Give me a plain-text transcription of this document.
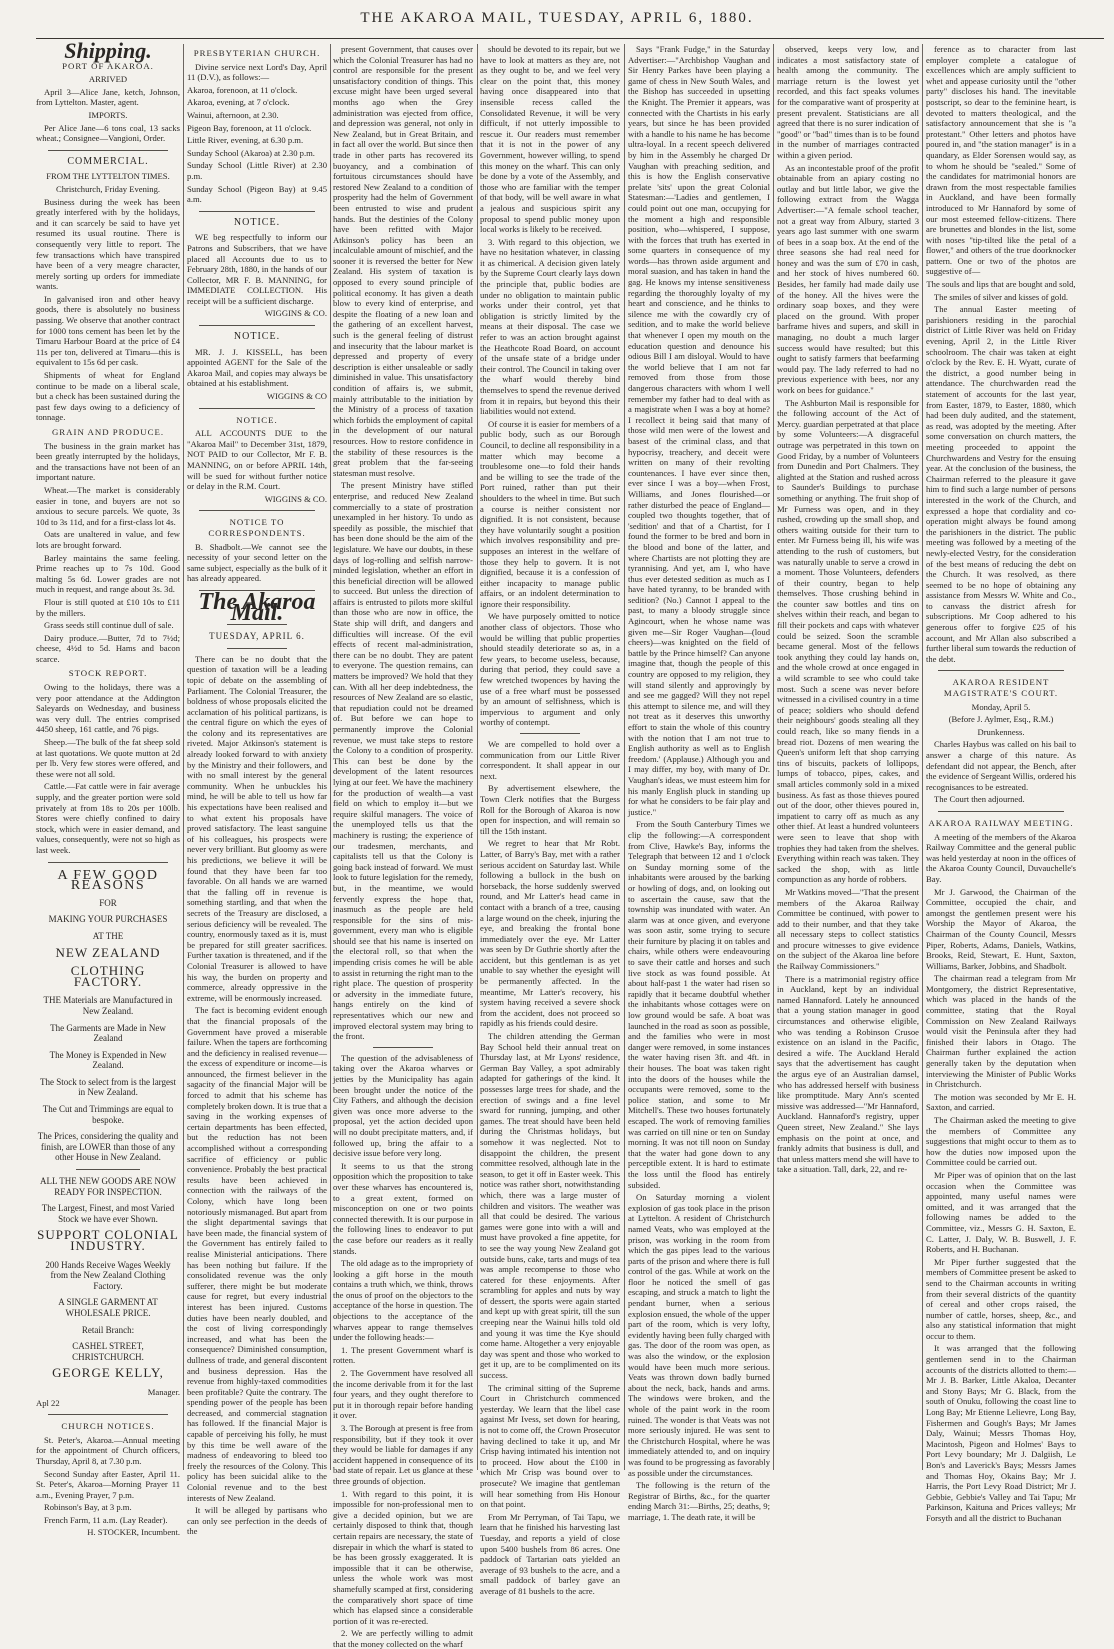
THE AKAROA MAIL, TUESDAY, APRIL 6, 1880.
Shipping.
PORT OF AKAROA.
ARRIVED

April 3—Alice Jane, ketch, Johnson, from Lyttelton. Master, agent.

IMPORTS.

Per Alice Jane—6 tons coal, 13 sacks wheat.; Consignee—Vangioni, Order.

COMMERCIAL.
FROM THE LYTTELTON TIMES.

Christchurch, Friday Evening.

Business during the week has been greatly interfered with by the holidays, and it can scarcely be said to have yet resumed its usual routine. There is consequently very little to report. The few transactions which have transpired have been of a very meagre character, merely sorting up orders for immediate wants.

In galvanised iron and other heavy goods, there is absolutely no business passing. We observe that another contract for 1000 tons cement has been let by the Timaru Harbour Board at the price of £4 11s per ton, delivered at Timaru—this is equivalent to 15s 6d per cask.

Shipments of wheat for England continue to be made on a liberal scale, but a check has been sustained during the past few days owing to a deficiency of tonnage.

GRAIN AND PRODUCE.

The business in the grain market has been greatly interrupted by the holidays, and the transactions have not been of an important nature.

Wheat.—The market is considerably easier in tone, and buyers are not so anxious to secure parcels. We quote, 3s 10d to 3s 11d, and for a first-class lot 4s.

Oats are unaltered in value, and few lots are brought forward.

Barley maintains the same feeling. Prime reaches up to 7s 10d. Good malting 5s 6d. Lower grades are not much in request, and range about 3s. 3d.

Flour is still quoted at £10 10s to £11 by the millers.

Grass seeds still continue dull of sale.

Dairy produce.—Butter, 7d to 7½d; cheese, 4½d to 5d. Hams and bacon scarce.

STOCK REPORT.

Owing to the holidays, there was a very poor attendance at the Addington Saleyards on Wednesday, and business was very dull. The entries comprised 4450 sheep, 161 cattle, and 76 pigs.

Sheep.—The bulk of the fat sheep sold at last quotations. We quote mutton at 2d per lb. Very few stores were offered, and these were not all sold.

Cattle.—Fat cattle were in fair average supply, and the greater portion were sold privately at from 18s to 20s per 100lb. Stores were chiefly confined to dairy stock, which were in easier demand, and values, consequently, were not so high as last week.

A FEW GOOD REASONS
FOR
MAKING YOUR PURCHASES
AT THE
NEW ZEALAND
CLOTHING FACTORY.
THE Materials are Manufactured in New Zealand.
The Garments are Made in New Zealand
The Money is Expended in New Zealand.
The Stock to select from is the largest in New Zealand.
The Cut and Trimmings are equal to bespoke.
The Prices, considering the quality and finish, are LOWER than those of any other House in New Zealand.
ALL THE NEW GOODS ARE NOW READY FOR INSPECTION.
The Largest, Finest, and most Varied Stock we have ever Shown.
SUPPORT COLONIAL INDUSTRY.
200 Hands Receive Wages Weekly from the New Zealand Clothing Factory.
A SINGLE GARMENT AT WHOLESALE PRICE.
Retail Branch:
CASHEL STREET, CHRISTCHURCH.
GEORGE KELLY,
Manager.
Apl 22
CHURCH NOTICES.

St. Peter's, Akaroa.—Annual meeting for the appointment of Church officers, Thursday, April 8, at 7.30 p.m.

Second Sunday after Easter, April 11. St. Peter's, Akaroa—Morning Prayer 11 a.m., Evening Prayer, 7 p.m.

Robinson's Bay, at 3 p.m.

French Farm, 11 a.m. (Lay Reader).

H. STOCKER, Incumbent.

PRESBYTERIAN CHURCH.

Divine service next Lord's Day, April 11 (D.V.), as follows:—

Akaroa, forenoon, at 11 o'clock.

Akaroa, evening, at 7 o'clock.

Wainui, afternoon, at 2.30.

Pigeon Bay, forenoon, at 11 o'clock.

Little River, evening, at 6.30 p.m.

Sunday School (Akaroa) at 2.30 p.m.

Sunday School (Little River) at 2.30 p.m.

Sunday School (Pigeon Bay) at 9.45 a.m.

NOTICE.

WE beg respectfully to inform our Patrons and Subscribers, that we have placed all Accounts due to us to February 28th, 1880, in the hands of our Collector, MR F. B. MANNING, for IMMEDIATE COLLECTION. His receipt will be a sufficient discharge.

WIGGINS & CO.

NOTICE.

MR. J. J. KISSELL, has been appointed AGENT for the Sale of the Akaroa Mail, and copies may always be obtained at his establishment.

WIGGINS & CO

NOTICE.

ALL ACCOUNTS DUE to the "Akaroa Mail" to December 31st, 1879, NOT PAID to our Collector, Mr F. B. MANNING, on or before APRIL 14th, will be sued for without further notice or delay in the R.M. Court.

WIGGINS & CO.

NOTICE TO CORRESPONDENTS.

B. Shadbolt.—We cannot see the necessity of your second letter on the same subject, especially as the bulk of it has already appeared.

The Akaroa Mail.
TUESDAY, APRIL 6.

There can be no doubt that the question of taxation will be a leading topic of debate on the assembling of Parliament. The Colonial Treasurer, the boldness of whose proposals elicited the acclamation of his political partizans, is the central figure on which the eyes of the colony and its representatives are riveted. Major Atkinson's statement is already looked forward to with anxiety by the Ministry and their followers, and with no small interest by the general community. When he unbuckles his mind, he will be able to tell us how far his expectations have been realised and to what extent his proposals have proved satisfactory. The least sanguine of his colleagues, his prospects were never very brilliant. But gloomy as were his predictions, we believe it will be found that they have been far too favorable. On all hands we are warned that the falling off in revenue is something startling, and that when the secrets of the Treasury are disclosed, a serious deficiency will be revealed. The country, enormously taxed as it is, must be prepared for still greater sacrifices. Further taxation is threatened, and if the Colonial Treasurer is allowed to have his way, the burden on property and commerce, already oppressive in the extreme, will be enormously increased.

The fact is becoming evident enough that the financial proposals of the Government have proved a miserable failure. When the tapers are forthcoming and the deficiency in realised revenue—the excess of expenditure or income—is announced, the firmest believer in the sagacity of the financial Major will be forced to admit that his scheme has completely broken down. It is true that a saving in the working expenses of certain departments has been effected, but the reduction has not been accomplished without a corresponding sacrifice of efficiency or public convenience. Probably the best practical results have been achieved in connection with the railways of the Colony, which have long been notoriously mismanaged. But apart from the slight departmental savings that have been made, the financial system of the Government has entirely failed to realise Ministerial anticipations. There has been nothing but failure. If the consolidated revenue was the only sufferer, there might be but moderate cause for regret, but every industrial interest has been injured. Customs duties have been nearly doubled, and the cost of living correspondingly increased, and what has been the consequence? Diminished consumption, dullness of trade, and general discontent and business depression. Has the revenue from highly-taxed commodities been profitable? Quite the contrary. The spending power of the people has been decreased, and commercial stagnation has followed. If the financial Major is capable of perceiving his folly, he must by this time be well aware of the madness of endeavoring to bleed too freely the resources of the Colony. This policy has been suicidal alike to the Colonial revenue and to the best interests of New Zealand.

It will be alleged by partisans who can only see perfection in the deeds of the

present Government, that causes over which the Colonial Treasurer has had no control are responsible for the present unsatisfactory condition of things. This excuse might have been urged several months ago when the Grey administration was ejected from office, and depression was general, not only in New Zealand, but in Great Britain, and in fact all over the world. But since then trade in other parts has recovered its buoyancy, and a combination of fortuitous circumstances should have restored New Zealand to a condition of prosperity had the helm of Government been entrusted to wise and prudent hands. But the destinies of the Colony have been refitted with Major Atkinson's policy has been an incalculable amount of mischief, and the sooner it is reversed the better for New Zealand. His system of taxation is opposed to every sound principle of political economy. It has given a death blow to every kind of enterprise, and despite the floating of a new loan and the gathering of an excellent harvest, such is the general feeling of distrust and insecurity that the labour market is depressed and property of every description is either unsaleable or sadly diminished in value. This unsatisfactory condition of affairs is, we submit, mainly attributable to the initiation by the Ministry of a process of taxation which forbids the employment of capital in the development of our natural resources. How to restore confidence in the stability of these resources is the great problem that the far-seeing statesman must resolve.

The present Ministry have stifled enterprise, and reduced New Zealand commercially to a state of prostration unexampled in her history. To undo as speedily as possible, the mischief that has been done should be the aim of the legislature. We have our doubts, in these days of log-rolling and selfish narrow-minded legislation, whether an effort in this beneficial direction will be allowed to succeed. But unless the direction of affairs is entrusted to pilots more skilful than those who are now in office, the State ship will drift, and dangers and difficulties will increase. Of the evil effects of recent mal-administration, there can be no doubt. They are patent to everyone. The question remains, can matters be improved? We hold that they can. With all her deep indebtedness, the resources of New Zealand are so elastic, that repudiation could not be dreamed of. But before we can hope to permanently improve the Colonial revenue, we must take steps to restore the Colony to a condition of prosperity. This can best be done by the development of the latent resources lying at our feet. We have the machinery for the production of wealth—a vast field on which to employ it—but we require skilful managers. The voice of the unemployed tells us that the machinery is rusting; the experience of our tradesmen, merchants, and capitalists tell us that the Colony is going back instead of forward. We must look to future legislation for the remedy, but, in the meantime, we would fervently express the hope that, inasmuch as the people are held responsible for the sins of mis-government, every man who is eligible should see that his name is inserted on the electoral roll, so that when the impending crisis comes he will be able to assist in returning the right man to the right place. The question of prosperity or adversity in the immediate future, hangs entirely on the kind of representatives which our new and improved electoral system may bring to the front.

The question of the advisableness of taking over the Akaroa wharves or jetties by the Municipality has again been brought under the notice of the City Fathers, and although the decision given was once more adverse to the proposal, yet the action decided upon will no doubt precipitate matters, and, if followed up, bring the affair to a decisive issue before very long.

It seems to us that the strong opposition which the proposition to take over these wharves has encountered is, to a great extent, formed on misconception on one or two points connected therewith. It is our purpose in the following lines to endeavor to put the case before our readers as it really stands.

The old adage as to the impropriety of looking a gift horse in the mouth contains a truth which, we think, throws the onus of proof on the objectors to the acceptance of the horse in question. The objections to the acceptance of the wharves appear to range themselves under the following heads:—

1. The present Government wharf is rotten.

2. The Government have resolved all the income derivable from it for the last four years, and they ought therefore to put it in thorough repair before handing it over.

3. The Borough at present is free from responsibility, but if they took it over they would be liable for damages if any accident happened in consequence of its bad state of repair. Let us glance at these three grounds of objection.

1. With regard to this point, it is impossible for non-professional men to give a decided opinion, but we are certainly disposed to think that, though certain repairs are necessary, the state of disrepair in which the wharf is stated to be has been grossly exaggerated. It is impossible that it can be otherwise, unless the whole work was most shamefully scamped at first, considering the comparatively short space of time which has elapsed since a considerable portion of it was re-erected.

2. We are perfectly willing to admit that the money collected on the wharf

should be devoted to its repair, but we have to look at matters as they are, not as they ought to be, and we feel very clear on the point that, this money having once disappeared into that insensible recess called the Consolidated Revenue, it will be very difficult, if not utterly impossible to rescue it. Our readers must remember that it is not in the power of any Government, however willing, to spend this money on the wharf. This can only be done by a vote of the Assembly, and those who are familiar with the temper of that body, will be well aware in what a jealous and suspicious spirit any proposal to spend public money upon local works is likely to be received.

3. With regard to this objection, we have no hesitation whatever, in classing it as chimerical. A decision given lately by the Supreme Court clearly lays down the principle that, public bodies are under no obligation to maintain public works under their control, yet that obligation is strictly limited by the means at their disposal. The case we refer to was an action brought against the Heathcote Road Board, on account of the unsafe state of a bridge under their control. The Council in taking over the wharf would thereby bind themselves to spend the revenue derived from it in repairs, but beyond this their liabilities would not extend.

Of course it is easier for members of a public body, such as our Borough Council, to decline all responsibility in a matter which may become a troublesome one—to fold their hands and be willing to see the trade of the Port ruined, rather than put their shoulders to the wheel in time. But such a course is neither consistent nor dignified. It is not consistent, because they have voluntarily sought a position which involves responsibility and pre-supposes an interest in the welfare of those they help to govern. It is not dignified, because it is a confession of either incapacity to manage public affairs, or an indolent determination to ignore their responsibility.

We have purposely omitted to notice another class of objectors. Those who would be willing that public properties should steadily deteriorate so as, in a few years, to become useless, because, during that period, they could save a few wretched twopences by having the use of a free wharf must be possessed by an amount of selfishness, which is impervious to argument and only worthy of contempt.

We are compelled to hold over a communication from our Little River correspondent. It shall appear in our next.

By advertisement elsewhere, the Town Clerk notifies that the Burgess Roll for the Borough of Akaroa is now open for inspection, and will remain so till the 15th instant.

We regret to hear that Mr Robt. Latter, of Barry's Bay, met with a rather serious accident on Saturday last. While following a bullock in the bush on horseback, the horse suddenly swerved round, and Mr Latter's head came in contact with a branch of a tree, causing a large wound on the cheek, injuring the eye, and breaking the frontal bone immediately over the eye. Mr Latter was seen by Dr Guthrie shortly after the accident, but this gentleman is as yet unable to say whether the eyesight will be permanently affected. In the meantime, Mr Latter's recovery, his system having received a severe shock from the accident, does not proceed so rapidly as his friends could desire.

The children attending the German Bay School held their annual treat on Thursday last, at Mr Lyons' residence, German Bay Valley, a spot admirably adapted for gatherings of the kind. It possesses large trees for shade, and the erection of swings and a fine level sward for running, jumping, and other games. The treat should have been held during the Christmas holidays, but somehow it was neglected. Not to disappoint the children, the present committee resolved, although late in the season, to get it off in Easter week. This notice was rather short, notwithstanding which, there was a large muster of children and visitors. The weather was all that could be desired. The various games were gone into with a will and must have provoked a fine appetite, for to see the way young New Zealand got outside buns, cake, tarts and mugs of tea was ample recompense to those who catered for these enjoyments. After scrambling for apples and nuts by way of dessert, the sports were again started and kept up with great spirit, till the sun creeping near the Wainui hills told old and young it was time the Kye should come hame. Altogether a very enjoyable day was spent and those who worked to get it up, are to be complimented on its success.

The criminal sitting of the Supreme Court in Christchurch commenced yesterday. We learn that the libel case against Mr Ivess, set down for hearing, is not to come off, the Crown Prosecutor having declined to take it up, and Mr Crisp having intimated his intention not to proceed. How about the £100 in which Mr Crisp was bound over to prosecute? We imagine that gentleman will hear something from His Honour on that point.

From Mr Perryman, of Tai Tapu, we learn that he finished his harvesting last Tuesday, and reports a yield of close upon 5400 bushels from 86 acres. One paddock of Tartarian oats yielded an average of 93 bushels to the acre, and a small paddock of barley gave an average of 81 bushels to the acre.

Says "Frank Fudge," in the Saturday Advertiser:—"Archbishop Vaughan and Sir Henry Parkes have been playing a game of chess in New South Wales, and the Bishop has succeeded in upsetting the Knight. The Premier it appears, was connected with the Chartists in his early years, but since he has been provided with a handle to his name he has become ultra-loyal. In a recent speech delivered by him in the Assembly he charged Dr Vaughan with preaching sedition, and this is how the English conservative prelate 'sits' upon the great Colonial Statesman:—'Ladies and gentlemen, I could point out one man, occupying for the moment a high and responsible position, who—whispered, I suppose, with the forces that truth has exerted in some quarters in consequence of my words—has thrown aside argument and moral suasion, and has taken in hand the gag. He knows my intense sensitiveness regarding the thoroughly loyalty of my heart and conscience, and he thinks to silence me with the cowardly cry of sedition, and to make the world believe that whenever I open my mouth on the education question and denounce his odious Bill I am disloyal. Would to have the world believe that I am not far removed from those from those dangerous characters with whom I well remember my father had to deal with as a magistrate when I was a boy at home? I recollect it being said that many of those wild men were of the lowest and basest of the criminal class, and that hypocrisy, treachery, and deceit were written on many of their revolting countenances. I have ever since then, ever since I was a boy—when Frost, Williams, and Jones flourished—or rather disturbed the peace of England—coupled two thoughts together, that of 'sedition' and that of a Chartist, for I found the former to be bred and born in the blood and bone of the latter, and where Chartists are not plotting they are tyrannising. And yet, am I, who have thus ever detested sedition as much as I have hated tyranny, to be branded with sedition? (No.) Cannot I appeal to the past, to many a bloody struggle since Agincourt, when he whose name was given me—Sir Roger Vaughan—(loud cheers)—was knighted on the field of battle by the Prince himself? Can anyone imagine that, though the people of this country are opposed to my religion, they will stand silently and approvingly by and see me gagged? Will they not repel this attempt to silence me, and will they not treat as it deserves this unworthy effort to stain the whole of this country with the notion that I am not true to English authority as well as to English freedom.' (Applause.) Although you and I may differ, my boy, with many of Dr. Vaughan's ideas, we must esteem him for his manly English pluck in standing up for what he considers to be fair play and justice."

From the South Canterbury Times we clip the following:—A correspondent from Clive, Hawke's Bay, informs the Telegraph that between 12 and 1 o'clock on Sunday morning some of the inhabitants were aroused by the barking or howling of dogs, and, on looking out to ascertain the cause, saw that the township was inundated with water. An alarm was at once given, and everyone was soon astir, some trying to secure their furniture by placing it on tables and chairs, while others were endeavouring to save their cattle and horses and such live stock as was found possible. At about half-past 1 the water had risen so rapidly that it became doubtful whether the inhabitants whose cottages were on low ground would be safe. A boat was launched in the road as soon as possible, and the families who were in most danger were removed, in some instances the water having risen 3ft. and 4ft. in their houses. The boat was taken right into the doors of the houses while the occupants were removed, some to the police station, and some to Mr Mitchell's. These two houses fortunately escaped. The work of removing families was carried on till nine or ten on Sunday morning. It was not till noon on Sunday that the water had gone down to any perceptible extent. It is hard to estimate the loss until the flood has entirely subsided.

On Saturday morning a violent explosion of gas took place in the prison at Lyttelton. A resident of Christchurch named Veats, who was employed at the prison, was working in the room from which the gas pipes lead to the various parts of the prison and where there is full control of the gas. While at work on the floor he noticed the smell of gas escaping, and struck a match to light the pendant burner, when a serious explosion ensued, the whole of the upper part of the room, which is very lofty, evidently having been fully charged with gas. The door of the room was open, as was also the window, or the explosion would have been much more serious. Veats was thrown down badly burned about the neck, back, hands and arms. The windows were broken, and the whole of the paint work in the room ruined. The wonder is that Veats was not more seriously injured. He was sent to the Christchurch Hospital, where he was immediately attended to, and on inquiry was found to be progressing as favorably as possible under the circumstances.

The following is the return of the Registrar of Births, &c., for the quarter ending March 31:—Births, 25; deaths, 9; marriage, 1. The death rate, it will be

observed, keeps very low, and indicates a most satisfactory state of health among the community. The marriage return is the lowest yet recorded, and this fact speaks volumes for the comparative want of prosperity at present prevalent. Statisticians are all agreed that there is no surer indication of "good" or "bad" times than is to be found in the number of marriages contracted within a given period.

As an incontestable proof of the profit obtainable from an apiary costing no outlay and but little labor, we give the following extract from the Wagga Advertiser:—"A female school teacher, not a great way from Albury, started 3 years ago last summer with one swarm of bees in a soap box. At the end of the three seasons she had real need for honey and was the sum of £70 in cash, and her stock of hives numbered 60. Besides, her family had made daily use of the honey. All the hives were the ordinary soap boxes, and they were placed on the ground. With proper barframe hives and supers, and skill in managing, no doubt a much larger success would have resulted; but this ought to satisfy farmers that beefarming would pay. The lady referred to had no previous experience with bees, nor any work on bees for guidance."

The Ashburton Mail is responsible for the following account of the Act of Mercy. guardian perpetrated at that place by some Volunteers:—A disgraceful outrage was perpetrated in this town on Good Friday, by a number of Volunteers from Dunedin and Port Chalmers. They alighted at the Station and rushed across to Saunder's Buildings to purchase something or anything. The fruit shop of Mr Furness was open, and in they rushed, crowding up the small shop, and others waiting outside for their turn to enter. Mr Furness being ill, his wife was attending to the rush of customers, but was naturally unable to serve a crowd in a moment. Those Volunteers, defenders of their country, began to help themselves. Those crushing behind in the counter saw bottles and tins on shelves within their reach, and began to fill their pockets and caps with whatever could be seized. Soon the scramble became general. Most of the fellows took anything they could lay hands on, and the whole crowd at once engaged in a wild scramble to see who could take most. Such a scene was never before witnessed in a civilised country in a time of peace; soldiers who should defend their neighbours' goods stealing all they could reach, like so many fiends in a bread riot. Dozens of men wearing the Queen's uniform left that shop carrying tins of biscuits, packets of lollipops, lumps of tobacco, pipes, cakes, and small articles commonly sold in a mixed business. As fast as those thieves poured out of the door, other thieves poured in, impatient to carry off as much as any other thief. At least a hundred volunteers were seen to leave that shop with trophies they had taken from the shelves. Everything within reach was taken. They sacked the shop, with as little compunction as any horde of robbers.

Mr Watkins moved—"That the present members of the Akaroa Railway Committee be continued, with power to add to their number, and that they take all necessary steps to collect statistics and procure witnesses to give evidence on the subject of the Akaroa line before the Railway Commissioners."

There is a matrimonial registry office in Auckland, kept by an individual named Hannaford. Lately he announced that a young station manager in good circumstances and otherwise eligible, who was tending a Robinson Crusoe existence on an island in the Pacific, desired a wife. The Auckland Herald says that the advertisement has caught the argus eye of an Australian damsel, who has addressed herself with business like promptitude. Mary Ann's scented missive was addressed—"Mr Hannaford, Auckland. Hannaford's registry, upper Queen street, New Zealand." She lays emphasis on the point at once, and frankly admits that business is dull, and that unless matters mend she will have to take a situation. Tall, dark, 22, and re-

ference as to character from last employer complete a catalogue of excellences which are amply sufficient to whet and appease curiosity until the "other party" discloses his hand. The inevitable postscript, so dear to the feminine heart, is devoted to matters theological, and the satisfactory announcement that she is "a protestant." Other letters and photos have poured in, and "the station manager" is in a quandary, as Elder Sorensen would say, as to whom he should be "sealed." Some of the candidates for matrimonial honors are drawn from the most respectable families in Auckland, and have been formally introduced to Mr Hannaford by some of our most esteemed fellow-citizens. There are brunettes and blondes in the list, some with noses "tip-tilted like the petal of a flower," and others of the true doorknocker pattern. One or two of the photos are suggestive of—

The souls and lips that are bought and sold,

The smiles of silver and kisses of gold.

The annual Easter meeting of parishioners residing in the parochial district of Little River was held on Friday evening, April 2, in the Little River schoolroom. The chair was taken at eight o'clock by the Rev. E. H. Wyatt, curate of the district, a good number being in attendance. The churchwarden read the statement of accounts for the last year, from Easter, 1879, to Easter, 1880, which had been duly audited, and the statement, as read, was adopted by the meeting. After some conversation on church matters, the meeting proceeded to appoint the Churchwardens and Vestry for the ensuing year. At the conclusion of the business, the Chairman referred to the pleasure it gave him to find such a large number of persons interested in the work of the Church, and expressed a hope that cordiality and co-operation might always be found among the parishioners in the district. The public meeting was followed by a meeting of the newly-elected Vestry, for the consideration of the best means of reducing the debt on the Church. It was resolved, as there seemed to be no hope of obtaining any assistance from Messrs W. White and Co., to canvass the district afresh for subscriptions. Mr Coop adhered to his generous offer to forgive £25 of his account, and Mr Allan also subscribed a further liberal sum towards the reduction of the debt.

AKAROA RESIDENT MAGISTRATE'S COURT.

Monday, April 5.

(Before J. Aylmer, Esq., R.M.)

Drunkenness.

Charles Haybus was called on his bail to answer a charge of this nature. As defendant did not appear, the Bench, after the evidence of Sergeant Willis, ordered his recognisances to be estreated.

The Court then adjourned.

AKAROA RAILWAY MEETING.

A meeting of the members of the Akaroa Railway Committee and the general public was held yesterday at noon in the offices of the Akaroa County Council, Duvauchelle's Bay.

Mr J. Garwood, the Chairman of the Committee, occupied the chair, and amongst the gentlemen present were his Worship the Mayor of Akaroa, the Chairman of the County Council, Messrs Piper, Roberts, Adams, Daniels, Watkins, Brooks, Reid, Stewart, E. Hunt, Saxton, Williams, Barker, Jobbins, and Shadbolt.

The chairman read a telegram from Mr Montgomery, the district Representative, which was placed in the hands of the committee, stating that the Royal Commission on New Zealand Railways would visit the Peninsula after they had finished their labors in Otago. The Chairman further explained the action generally taken by the deputation when interviewing the Minister of Public Works in Christchurch.

The motion was seconded by Mr E. H. Saxton, and carried.

The Chairman asked the meeting to give the members of Committee any suggestions that might occur to them as to how the duties now imposed upon the Committee could be carried out.

Mr Piper was of opinion that on the last occasion when the Committee was appointed, many useful names were omitted, and it was arranged that the following names be added to the Committee, viz., Messrs G. H. Saxton, E. C. Latter, J. Daly, W. B. Buswell, J. F. Roberts, and H. Buchanan.

Mr Piper further suggested that the members of Committee present be asked to send to the Chairman accounts in writing from their several districts of the quantity of cereal and other crops raised, the number of cattle, horses, sheep, &c., and also any statistical information that might occur to them.

It was arranged that the following gentlemen send in to the Chairman accounts of the districts allotted to them:—Mr J. B. Barker, Little Akaloa, Decanter and Stony Bays; Mr G. Black, from the south of Onuku, following the coast line to Long Bay; Mr Etienne Lelievre, Long Bay, Fishermen and Gough's Bays; Mr James Daly, Wainui; Messrs Thomas Hoy, Macintosh, Pigeon and Holmes' Bays to Port Levy boundary; Mr J. Dalgiish, Le Bon's and Laverick's Bays; Messrs James and Thomas Hoy, Okains Bay; Mr J. Harris, the Port Levy Road District; Mr J. Gebbie, Gebbie's Valley and Tai Tapu; Mr Parkinson, Kaituna and Prices valleys; Mr Forsyth and all the district to Buchanan
